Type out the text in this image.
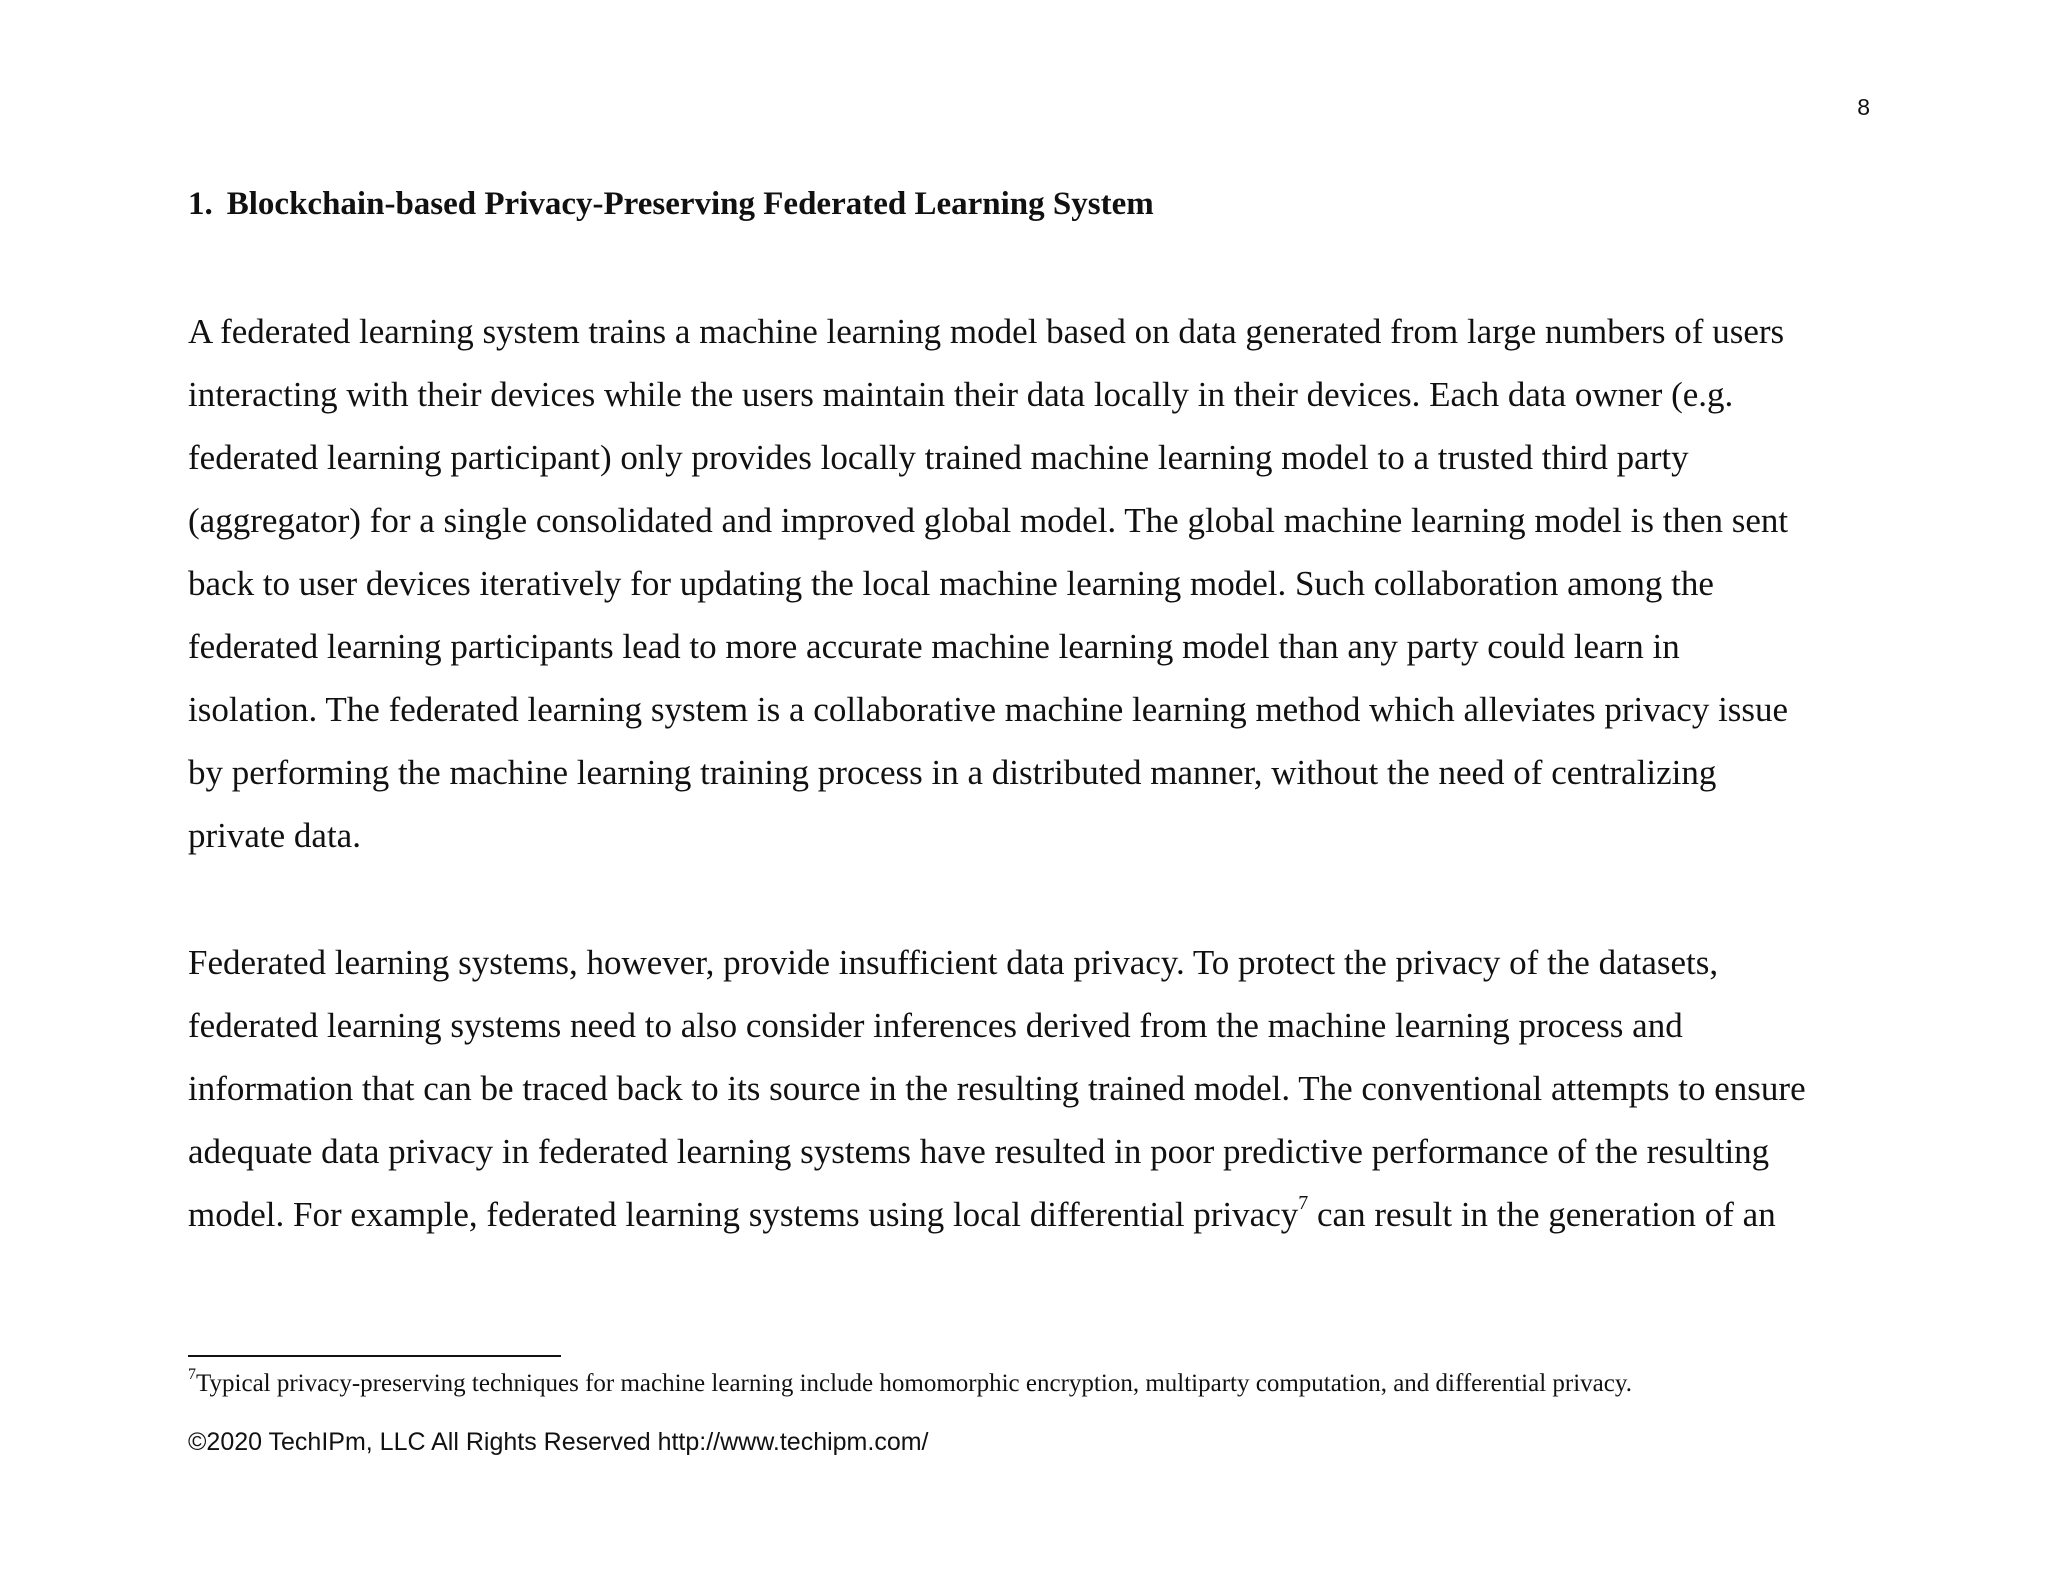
8
1. Blockchain-based Privacy-Preserving Federated Learning System
A federated learning system trains a machine learning model based on data generated from large numbers of users
interacting with their devices while the users maintain their data locally in their devices. Each data owner (e.g.
federated learning participant) only provides locally trained machine learning model to a trusted third party
(aggregator) for a single consolidated and improved global model. The global machine learning model is then sent
back to user devices iteratively for updating the local machine learning model. Such collaboration among the
federated learning participants lead to more accurate machine learning model than any party could learn in
isolation. The federated learning system is a collaborative machine learning method which alleviates privacy issue
by performing the machine learning training process in a distributed manner, without the need of centralizing
private data.
Federated learning systems, however, provide insufficient data privacy. To protect the privacy of the datasets,
federated learning systems need to also consider inferences derived from the machine learning process and
information that can be traced back to its source in the resulting trained model. The conventional attempts to ensure
adequate data privacy in federated learning systems have resulted in poor predictive performance of the resulting
model. For example, federated learning systems using local differential privacy$^7$ can result in the generation of an

$^7$Typical privacy-preserving techniques for machine learning include homomorphic encryption, multiparty computation, and differential privacy.

©2020 TechIPm, LLC All Rights Reserved http://www.techipm.com/
